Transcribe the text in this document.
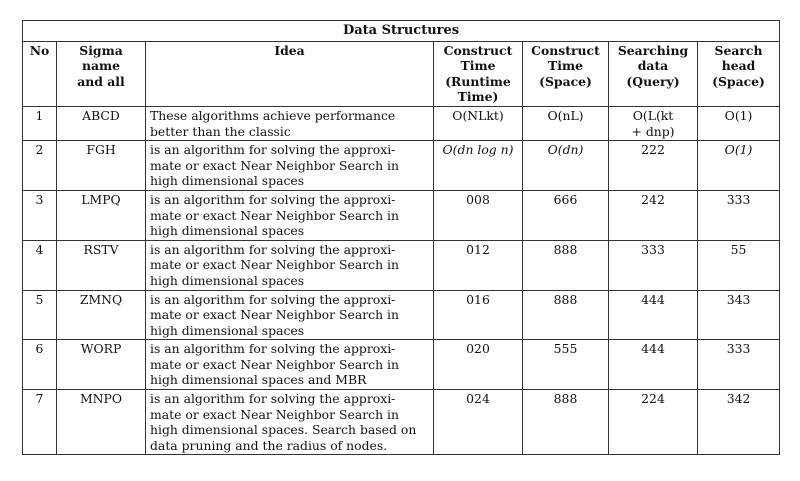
Data Structures						
No	Sigma
name
and all	Idea	Construct
Time
(Runtime
Time)	Construct
Time
(Space)	Searching
data
(Query)	Search
head
(Space)
1	ABCD	These algorithms achieve performance
better than the classic	O(NLkt)	O(nL)	O(L(kt
+ dnp)	O(1)
2	FGH	is an algorithm for solving the approxi-
mate or exact Near Neighbor Search in
high dimensional spaces	O(dn log n)	O(dn)	222	O(1)
3	LMPQ	is an algorithm for solving the approxi-
mate or exact Near Neighbor Search in
high dimensional spaces	008	666	242	333
4	RSTV	is an algorithm for solving the approxi-
mate or exact Near Neighbor Search in
high dimensional spaces	012	888	333	55
5	ZMNQ	is an algorithm for solving the approxi-
mate or exact Near Neighbor Search in
high dimensional spaces	016	888	444	343
6	WORP	is an algorithm for solving the approxi-
mate or exact Near Neighbor Search in
high dimensional spaces and MBR	020	555	444	333
7	MNPO	is an algorithm for solving the approxi-
mate or exact Near Neighbor Search in
high dimensional spaces. Search based on
data pruning and the radius of nodes.	024	888	224	342
